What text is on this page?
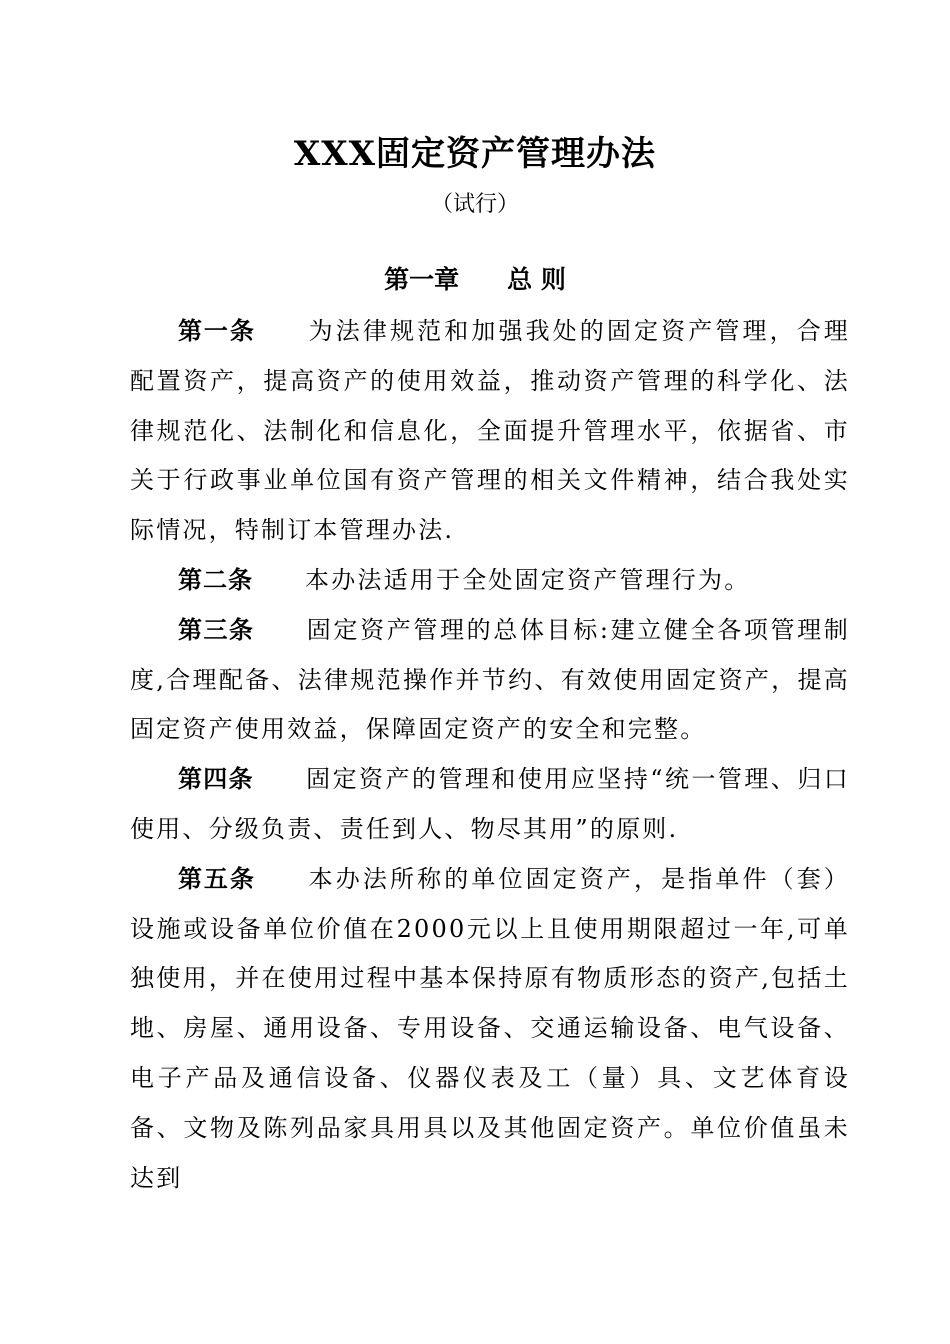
XXX固定资产管理办法
（试行）
第一章 总 则

第一条 为法律规范和加强我处的固定资产管理，合理配置资产，提高资产的使用效益，推动资产管理的科学化、法律规范化、法制化和信息化，全面提升管理水平，依据省、市关于行政事业单位国有资产管理的相关文件精神，结合我处实际情况，特制订本管理办法.

第二条 本办法适用于全处固定资产管理行为。

第三条 固定资产管理的总体目标:建立健全各项管理制度,合理配备、法律规范操作并节约、有效使用固定资产，提高固定资产使用效益，保障固定资产的安全和完整。

第四条 固定资产的管理和使用应坚持“统一管理、归口使用、分级负责、责任到人、物尽其用”的原则.

第五条 本办法所称的单位固定资产，是指单件（套）设施或设备单位价值在2000元以上且使用期限超过一年,可单独使用，并在使用过程中基本保持原有物质形态的资产,包括土地、房屋、通用设备、专用设备、交通运输设备、电气设备、电子产品及通信设备、仪器仪表及工（量）具、文艺体育设备、文物及陈列品家具用具以及其他固定资产。单位价值虽未达到
